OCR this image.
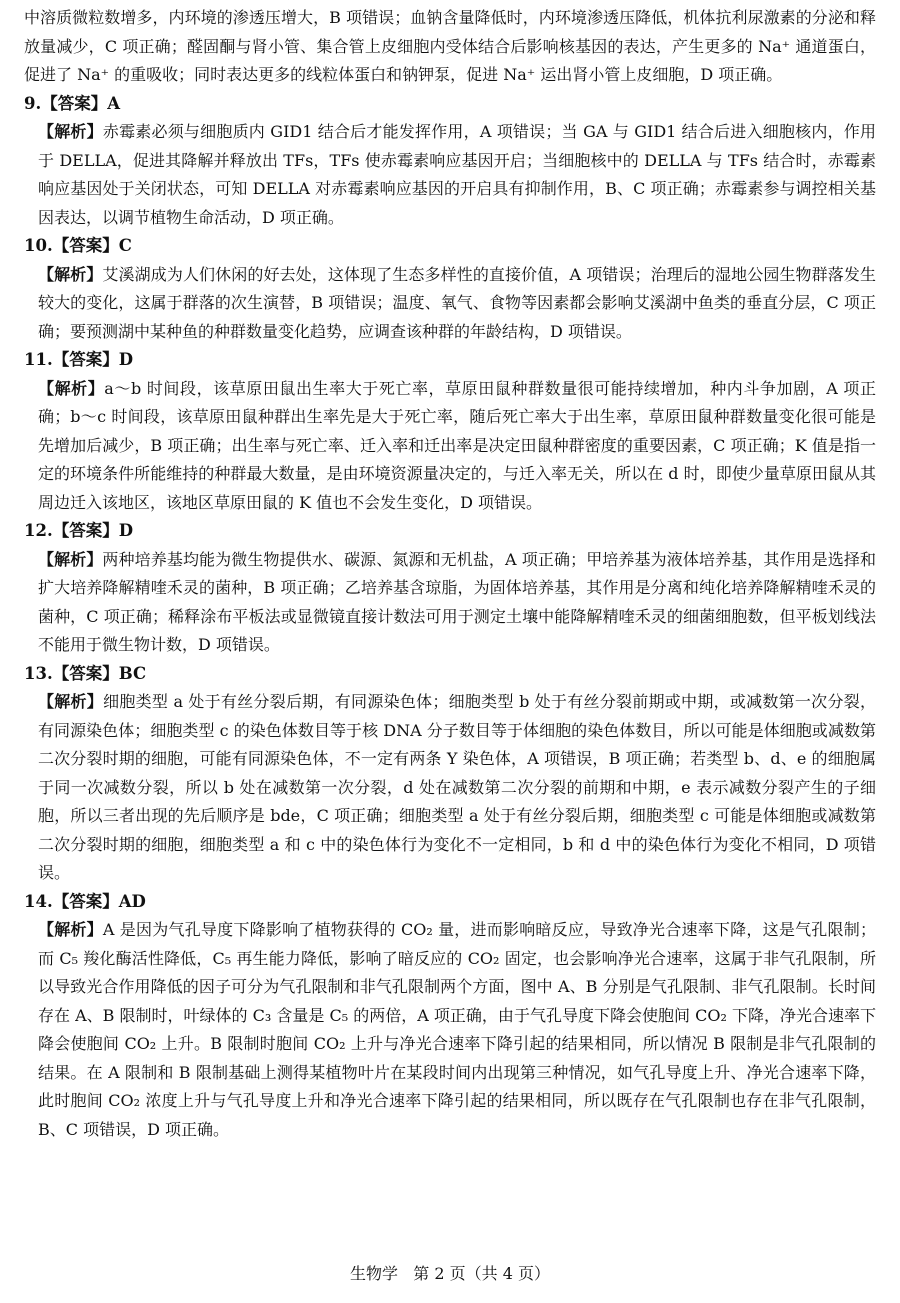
中溶质微粒数增多，内环境的渗透压增大，B 项错误；血钠含量降低时，内环境渗透压降低，机体抗利尿激素的分泌和释放量减少，C 项正确；醛固酮与肾小管、集合管上皮细胞内受体结合后影响核基因的表达，产生更多的 Na⁺ 通道蛋白，促进了 Na⁺ 的重吸收；同时表达更多的线粒体蛋白和钠钾泵，促进 Na⁺ 运出肾小管上皮细胞，D 项正确。

9.【答案】A

【解析】赤霉素必须与细胞质内 GID1 结合后才能发挥作用，A 项错误；当 GA 与 GID1 结合后进入细胞核内，作用于 DELLA，促进其降解并释放出 TFs，TFs 使赤霉素响应基因开启；当细胞核中的 DELLA 与 TFs 结合时，赤霉素响应基因处于关闭状态，可知 DELLA 对赤霉素响应基因的开启具有抑制作用，B、C 项正确；赤霉素参与调控相关基因表达，以调节植物生命活动，D 项正确。

10.【答案】C

【解析】艾溪湖成为人们休闲的好去处，这体现了生态多样性的直接价值，A 项错误；治理后的湿地公园生物群落发生较大的变化，这属于群落的次生演替，B 项错误；温度、氧气、食物等因素都会影响艾溪湖中鱼类的垂直分层，C 项正确；要预测湖中某种鱼的种群数量变化趋势，应调查该种群的年龄结构，D 项错误。

11.【答案】D

【解析】a～b 时间段，该草原田鼠出生率大于死亡率，草原田鼠种群数量很可能持续增加，种内斗争加剧，A 项正确；b～c 时间段，该草原田鼠种群出生率先是大于死亡率，随后死亡率大于出生率，草原田鼠种群数量变化很可能是先增加后减少，B 项正确；出生率与死亡率、迁入率和迁出率是决定田鼠种群密度的重要因素，C 项正确；K 值是指一定的环境条件所能维持的种群最大数量，是由环境资源量决定的，与迁入率无关，所以在 d 时，即使少量草原田鼠从其周边迁入该地区，该地区草原田鼠的 K 值也不会发生变化，D 项错误。

12.【答案】D

【解析】两种培养基均能为微生物提供水、碳源、氮源和无机盐，A 项正确；甲培养基为液体培养基，其作用是选择和扩大培养降解精喹禾灵的菌种，B 项正确；乙培养基含琼脂，为固体培养基，其作用是分离和纯化培养降解精喹禾灵的菌种，C 项正确；稀释涂布平板法或显微镜直接计数法可用于测定土壤中能降解精喹禾灵的细菌细胞数，但平板划线法不能用于微生物计数，D 项错误。

13.【答案】BC

【解析】细胞类型 a 处于有丝分裂后期，有同源染色体；细胞类型 b 处于有丝分裂前期或中期，或减数第一次分裂，有同源染色体；细胞类型 c 的染色体数目等于核 DNA 分子数目等于体细胞的染色体数目，所以可能是体细胞或减数第二次分裂时期的细胞，可能有同源染色体，不一定有两条 Y 染色体，A 项错误，B 项正确；若类型 b、d、e 的细胞属于同一次减数分裂，所以 b 处在减数第一次分裂，d 处在减数第二次分裂的前期和中期，e 表示减数分裂产生的子细胞，所以三者出现的先后顺序是 bde，C 项正确；细胞类型 a 处于有丝分裂后期，细胞类型 c 可能是体细胞或减数第二次分裂时期的细胞，细胞类型 a 和 c 中的染色体行为变化不一定相同，b 和 d 中的染色体行为变化不相同，D 项错误。

14.【答案】AD

【解析】A 是因为气孔导度下降影响了植物获得的 CO₂ 量，进而影响暗反应，导致净光合速率下降，这是气孔限制；而 C₅ 羧化酶活性降低，C₅ 再生能力降低，影响了暗反应的 CO₂ 固定，也会影响净光合速率，这属于非气孔限制，所以导致光合作用降低的因子可分为气孔限制和非气孔限制两个方面，图中 A、B 分别是气孔限制、非气孔限制。长时间存在 A、B 限制时，叶绿体的 C₃ 含量是 C₅ 的两倍，A 项正确，由于气孔导度下降会使胞间 CO₂ 下降，净光合速率下降会使胞间 CO₂ 上升。B 限制时胞间 CO₂ 上升与净光合速率下降引起的结果相同，所以情况 B 限制是非气孔限制的结果。在 A 限制和 B 限制基础上测得某植物叶片在某段时间内出现第三种情况，如气孔导度上升、净光合速率下降，此时胞间 CO₂ 浓度上升与气孔导度上升和净光合速率下降引起的结果相同，所以既存在气孔限制也存在非气孔限制，B、C 项错误，D 项正确。

生物学 第 2 页（共 4 页）
